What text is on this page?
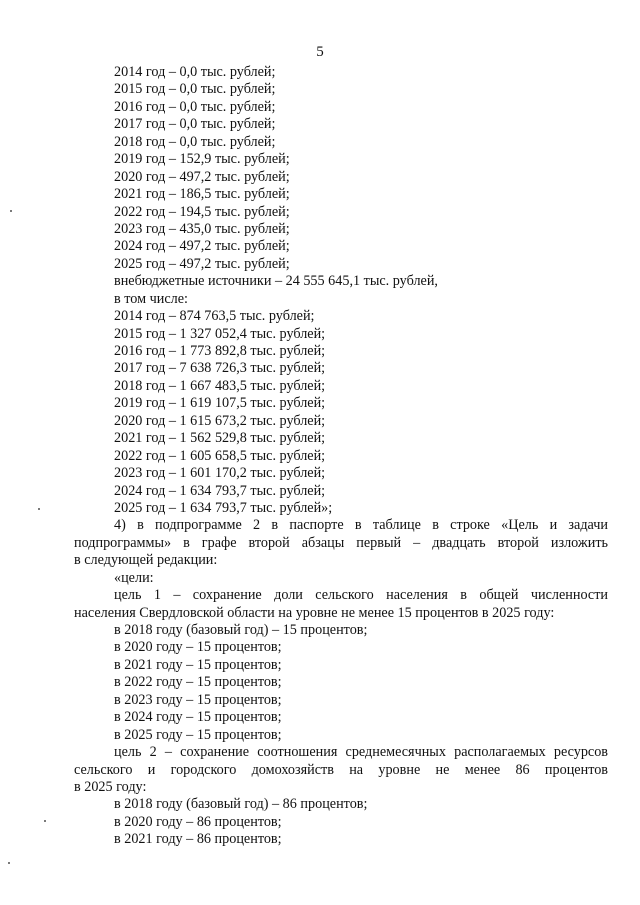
5
2014 год – 0,0 тыс. рублей;
2015 год – 0,0 тыс. рублей;
2016 год – 0,0 тыс. рублей;
2017 год – 0,0 тыс. рублей;
2018 год – 0,0 тыс. рублей;
2019 год – 152,9 тыс. рублей;
2020 год – 497,2 тыс. рублей;
2021 год – 186,5 тыс. рублей;
2022 год – 194,5 тыс. рублей;
2023 год – 435,0 тыс. рублей;
2024 год – 497,2 тыс. рублей;
2025 год – 497,2 тыс. рублей;
внебюджетные источники – 24 555 645,1 тыс. рублей,
в том числе:
2014 год – 874 763,5 тыс. рублей;
2015 год – 1 327 052,4 тыс. рублей;
2016 год – 1 773 892,8 тыс. рублей;
2017 год – 7 638 726,3 тыс. рублей;
2018 год – 1 667 483,5 тыс. рублей;
2019 год – 1 619 107,5 тыс. рублей;
2020 год – 1 615 673,2 тыс. рублей;
2021 год – 1 562 529,8 тыс. рублей;
2022 год – 1 605 658,5 тыс. рублей;
2023 год – 1 601 170,2 тыс. рублей;
2024 год – 1 634 793,7 тыс. рублей;
2025 год – 1 634 793,7 тыс. рублей»;
4) в подпрограмме 2 в паспорте в таблице в строке «Цель и задачи
подпрограммы» в графе второй абзацы первый – двадцать второй изложить
в следующей редакции:
«цели:
цель 1 – сохранение доли сельского населения в общей численности
населения Свердловской области на уровне не менее 15 процентов в 2025 году:
в 2018 году (базовый год) – 15 процентов;
в 2020 году – 15 процентов;
в 2021 году – 15 процентов;
в 2022 году – 15 процентов;
в 2023 году – 15 процентов;
в 2024 году – 15 процентов;
в 2025 году – 15 процентов;
цель 2 – сохранение соотношения среднемесячных располагаемых ресурсов
сельского и городского домохозяйств на уровне не менее 86 процентов
в 2025 году:
в 2018 году (базовый год) – 86 процентов;
в 2020 году – 86 процентов;
в 2021 году – 86 процентов;
